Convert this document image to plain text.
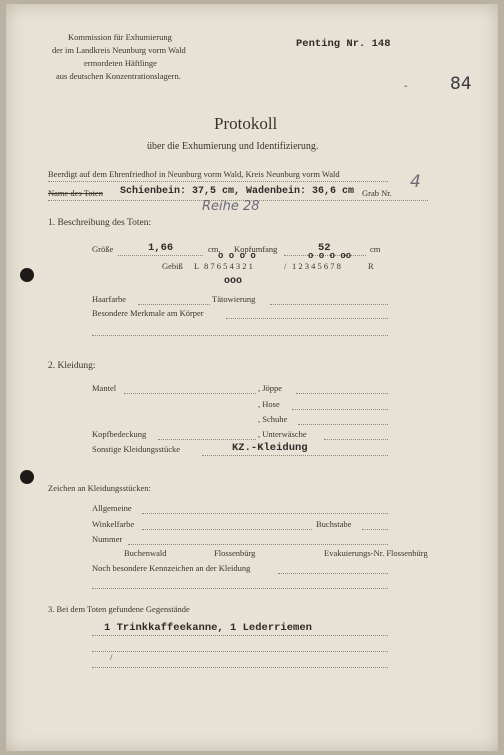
Kommission für Exhumierung
der im Landkreis Neunburg vorm Wald
ermordeten Häftlinge
aus deutschen Konzentrationslagern.
Penting Nr. 148
- 84
Protokoll
über die Exhumierung und Identifizierung.
Beerdigt auf dem Ehrenfriedhof in Neunburg vorm Wald, Kreis Neunburg vorm Wald
Name des Toten Schienbein: 37,5 cm, Wadenbein: 36,6 cm Grab Nr.
4
Reihe 28
1. Beschreibung des Toten:
Größe	1,66	cm, Kopfumfang	52	cm
Gebiß L 8 7 6 5 4 3 2 1	/ 1 2 3 4 5 6 7 8	R
o o o o	o o o oo
ooo
Haarfarbe	Tätowierung
Besondere Merkmale am Körper
2. Kleidung:
Mantel	, Jöppe
, Hose
, Schuhe
Kopfbedeckung	, Unterwäsche
Sonstige Kleidungsstücke	KZ.-Kleidung
Zeichen an Kleidungsstücken:
Allgemeine
Winkelfarbe	Buchstabe
Nummer
Buchenwald	Flossenbürg	Evakuierungs-Nr. Flossenbürg
Noch besondere Kennzeichen an der Kleidung
3. Bei dem Toten gefundene Gegenstände
1 Trinkkaffeekanne, 1 Lederriemen
/
